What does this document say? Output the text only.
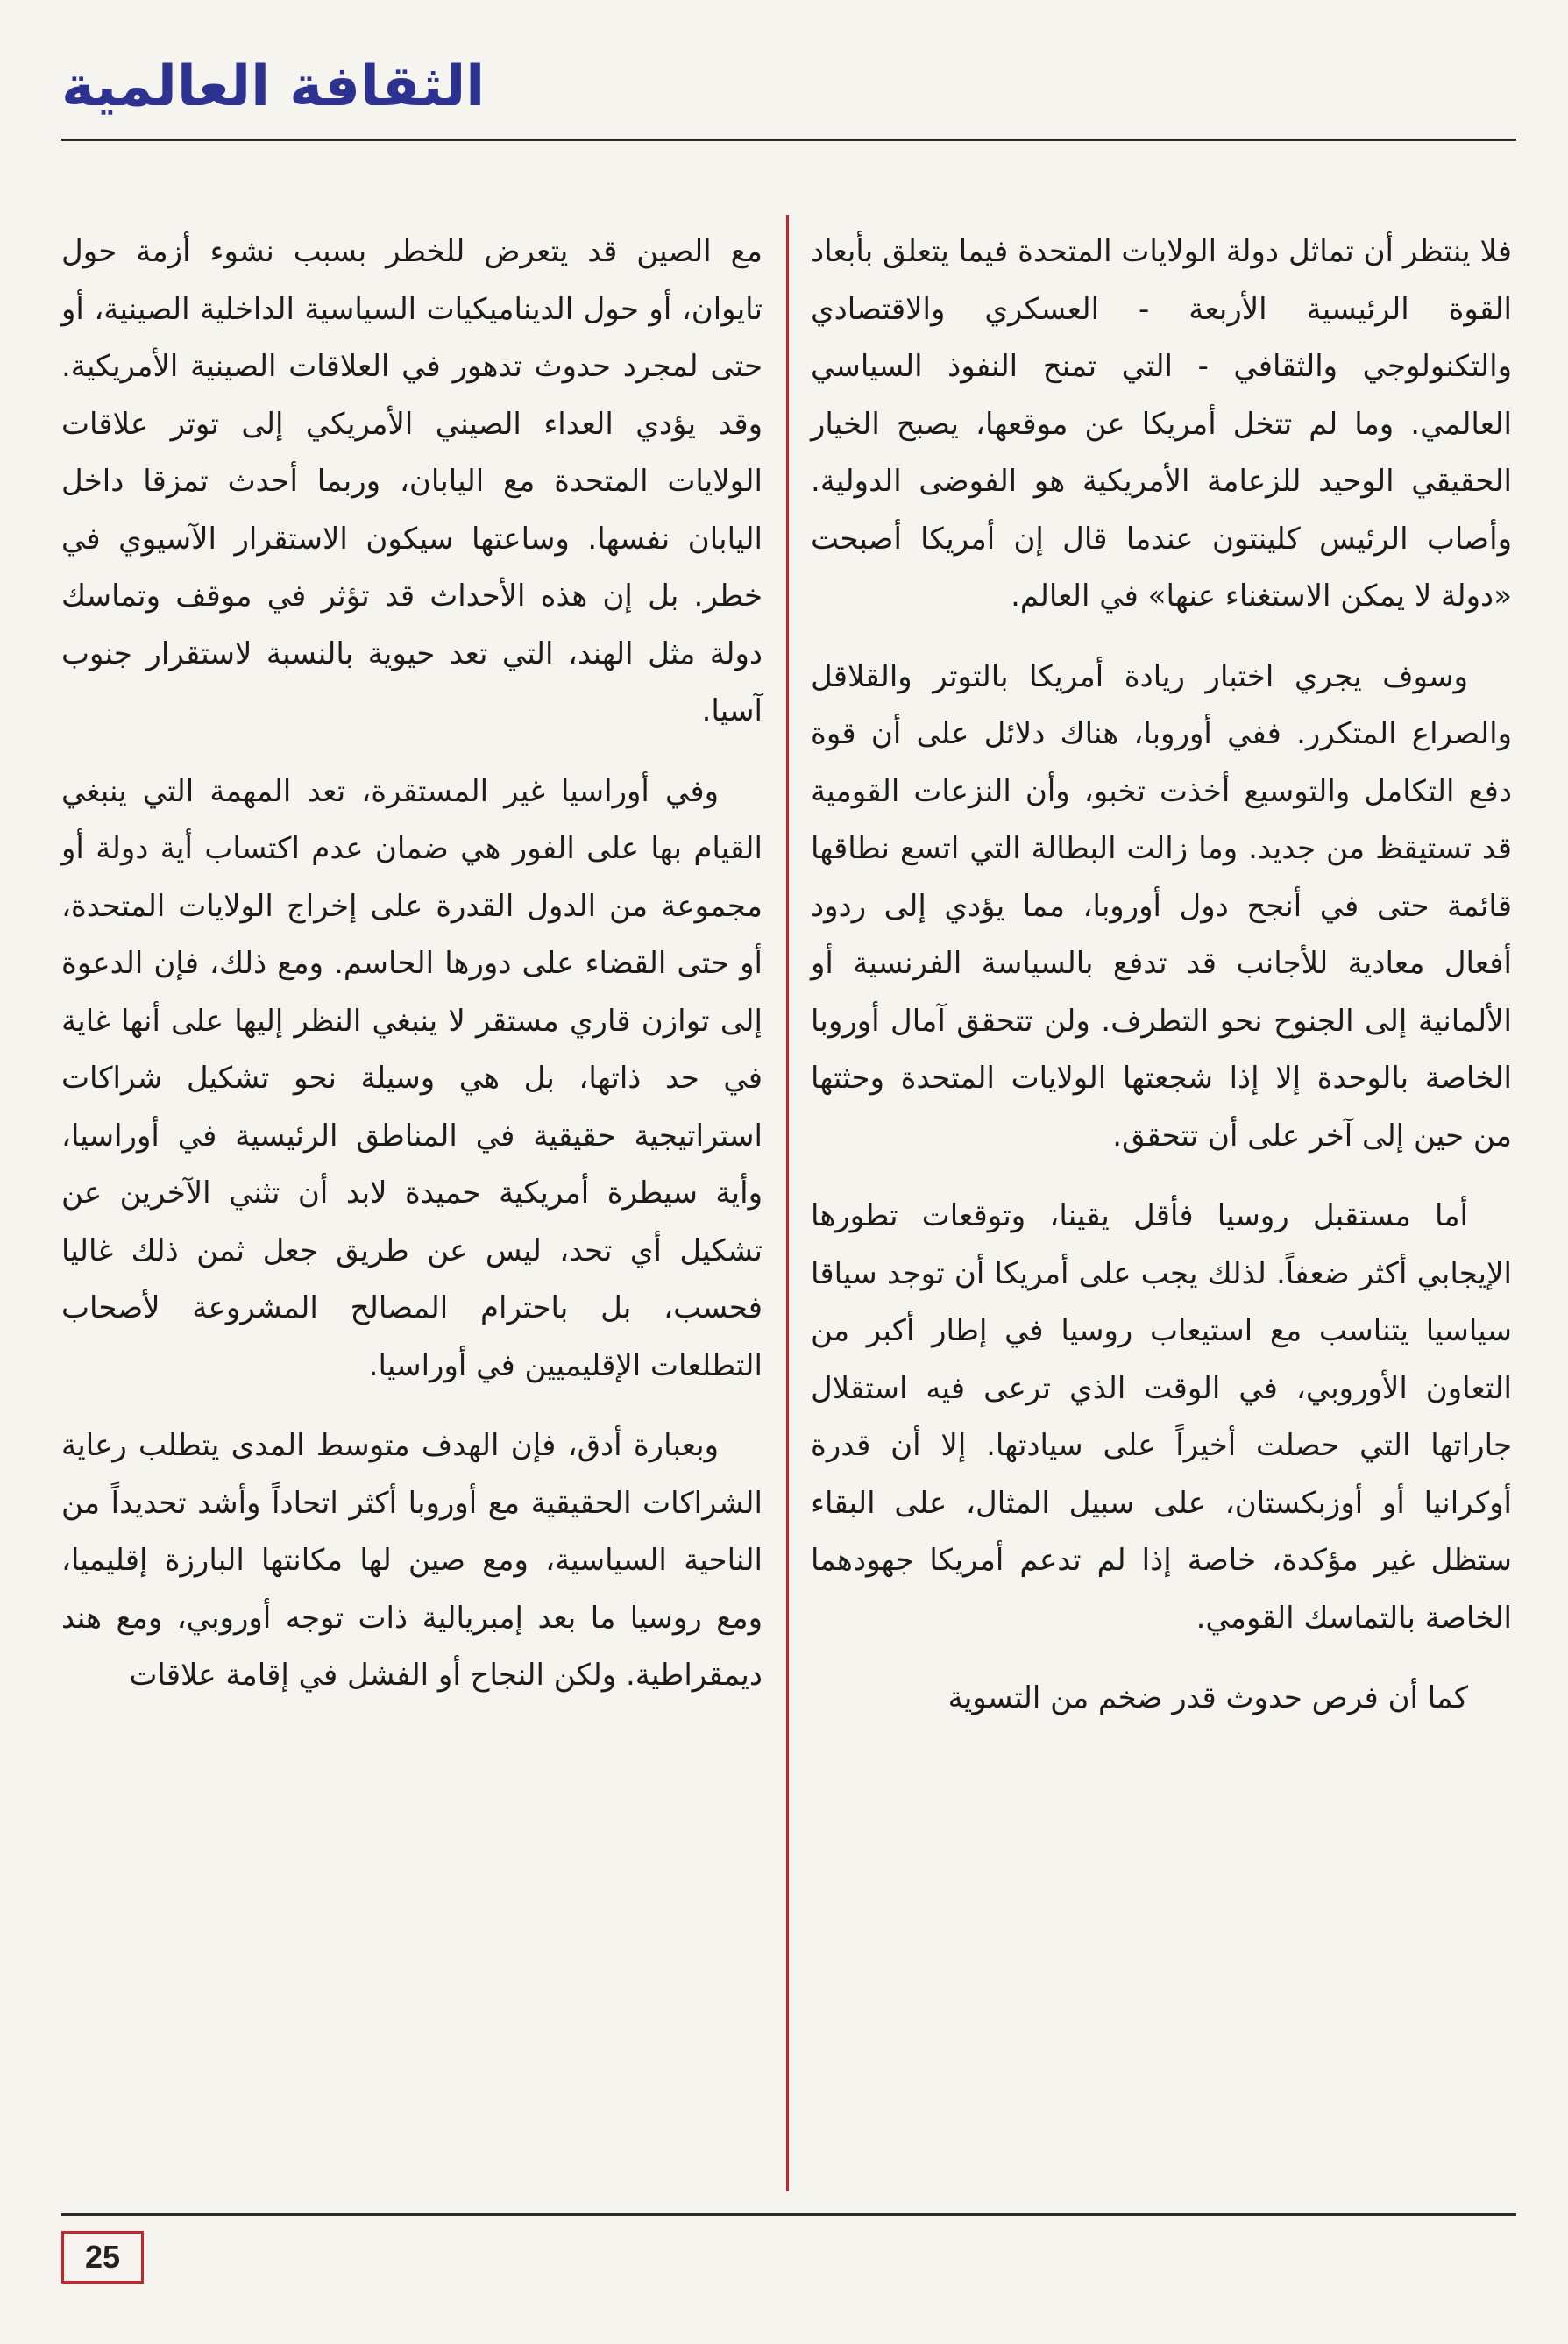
الثقافة العالمية

فلا ينتظر أن تماثل دولة الولايات المتحدة فيما يتعلق بأبعاد القوة الرئيسية الأربعة - العسكري والاقتصادي والتكنولوجي والثقافي - التي تمنح النفوذ السياسي العالمي. وما لم تتخل أمريكا عن موقعها، يصبح الخيار الحقيقي الوحيد للزعامة الأمريكية هو الفوضى الدولية. وأصاب الرئيس كلينتون عندما قال إن أمريكا أصبحت «دولة لا يمكن الاستغناء عنها» في العالم.

وسوف يجري اختبار ريادة أمريكا بالتوتر والقلاقل والصراع المتكرر. ففي أوروبا، هناك دلائل على أن قوة دفع التكامل والتوسيع أخذت تخبو، وأن النزعات القومية قد تستيقظ من جديد. وما زالت البطالة التي اتسع نطاقها قائمة حتى في أنجح دول أوروبا، مما يؤدي إلى ردود أفعال معادية للأجانب قد تدفع بالسياسة الفرنسية أو الألمانية إلى الجنوح نحو التطرف. ولن تتحقق آمال أوروبا الخاصة بالوحدة إلا إذا شجعتها الولايات المتحدة وحثتها من حين إلى آخر على أن تتحقق.

أما مستقبل روسيا فأقل يقينا، وتوقعات تطورها الإيجابي أكثر ضعفاً. لذلك يجب على أمريكا أن توجد سياقا سياسيا يتناسب مع استيعاب روسيا في إطار أكبر من التعاون الأوروبي، في الوقت الذي ترعى فيه استقلال جاراتها التي حصلت أخيراً على سيادتها. إلا أن قدرة أوكرانيا أو أوزبكستان، على سبيل المثال، على البقاء ستظل غير مؤكدة، خاصة إذا لم تدعم أمريكا جهودهما الخاصة بالتماسك القومي.

كما أن فرص حدوث قدر ضخم من التسوية

مع الصين قد يتعرض للخطر بسبب نشوء أزمة حول تايوان، أو حول الديناميكيات السياسية الداخلية الصينية، أو حتى لمجرد حدوث تدهور في العلاقات الصينية الأمريكية. وقد يؤدي العداء الصيني الأمريكي إلى توتر علاقات الولايات المتحدة مع اليابان، وربما أحدث تمزقا داخل اليابان نفسها. وساعتها سيكون الاستقرار الآسيوي في خطر. بل إن هذه الأحداث قد تؤثر في موقف وتماسك دولة مثل الهند، التي تعد حيوية بالنسبة لاستقرار جنوب آسيا.

وفي أوراسيا غير المستقرة، تعد المهمة التي ينبغي القيام بها على الفور هي ضمان عدم اكتساب أية دولة أو مجموعة من الدول القدرة على إخراج الولايات المتحدة، أو حتى القضاء على دورها الحاسم. ومع ذلك، فإن الدعوة إلى توازن قاري مستقر لا ينبغي النظر إليها على أنها غاية في حد ذاتها، بل هي وسيلة نحو تشكيل شراكات استراتيجية حقيقية في المناطق الرئيسية في أوراسيا، وأية سيطرة أمريكية حميدة لابد أن تثني الآخرين عن تشكيل أي تحد، ليس عن طريق جعل ثمن ذلك غاليا فحسب، بل باحترام المصالح المشروعة لأصحاب التطلعات الإقليميين في أوراسيا.

وبعبارة أدق، فإن الهدف متوسط المدى يتطلب رعاية الشراكات الحقيقية مع أوروبا أكثر اتحاداً وأشد تحديداً من الناحية السياسية، ومع صين لها مكانتها البارزة إقليميا، ومع روسيا ما بعد إمبريالية ذات توجه أوروبي، ومع هند ديمقراطية. ولكن النجاح أو الفشل في إقامة علاقات

25
